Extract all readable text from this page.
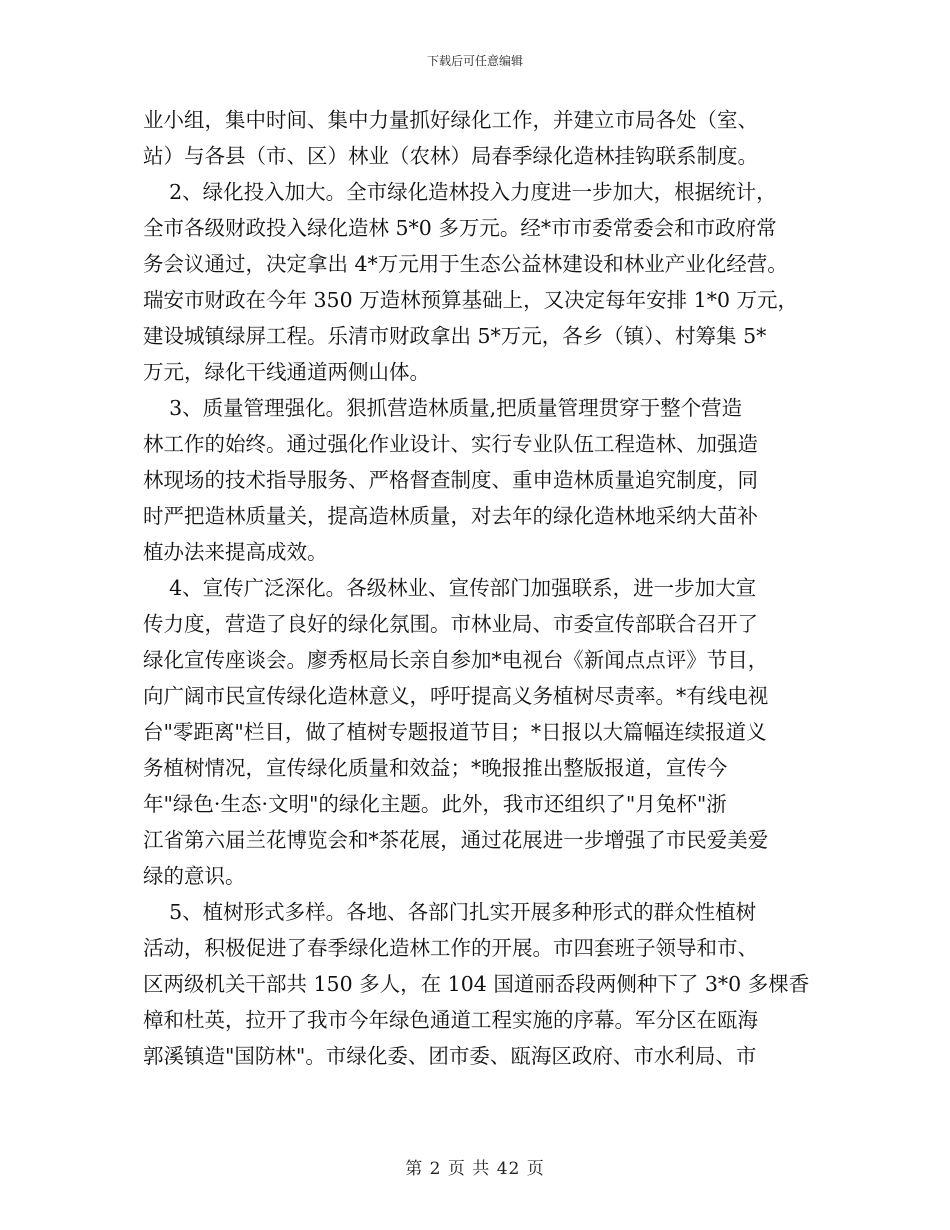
下载后可任意编辑
业小组，集中时间、集中力量抓好绿化工作，并建立市局各处（室、
站）与各县（市、区）林业（农林）局春季绿化造林挂钩联系制度。
2、绿化投入加大。全市绿化造林投入力度进一步加大，根据统计，
全市各级财政投入绿化造林 5*0 多万元。经*市市委常委会和市政府常
务会议通过，决定拿出 4*万元用于生态公益林建设和林业产业化经营。
瑞安市财政在今年 350 万造林预算基础上，又决定每年安排 1*0 万元，
建设城镇绿屏工程。乐清市财政拿出 5*万元，各乡（镇）、村筹集 5*
万元，绿化干线通道两侧山体。
3、质量管理强化。狠抓营造林质量,把质量管理贯穿于整个营造
林工作的始终。通过强化作业设计、实行专业队伍工程造林、加强造
林现场的技术指导服务、严格督查制度、重申造林质量追究制度，同
时严把造林质量关，提高造林质量，对去年的绿化造林地采纳大苗补
植办法来提高成效。
4、宣传广泛深化。各级林业、宣传部门加强联系，进一步加大宣
传力度，营造了良好的绿化氛围。市林业局、市委宣传部联合召开了
绿化宣传座谈会。廖秀枢局长亲自参加*电视台《新闻点点评》节目，
向广阔市民宣传绿化造林意义，呼吁提高义务植树尽责率。*有线电视
台"零距离"栏目，做了植树专题报道节目；*日报以大篇幅连续报道义
务植树情况，宣传绿化质量和效益；*晚报推出整版报道，宣传今
年"绿色·生态·文明"的绿化主题。此外，我市还组织了"月兔杯"浙
江省第六届兰花博览会和*茶花展，通过花展进一步增强了市民爱美爱
绿的意识。
5、植树形式多样。各地、各部门扎实开展多种形式的群众性植树
活动，积极促进了春季绿化造林工作的开展。市四套班子领导和市、
区两级机关干部共 150 多人，在 104 国道丽岙段两侧种下了 3*0 多棵香
樟和杜英，拉开了我市今年绿色通道工程实施的序幕。军分区在瓯海
郭溪镇造"国防林"。市绿化委、团市委、瓯海区政府、市水利局、市
第 2 页 共 42 页
